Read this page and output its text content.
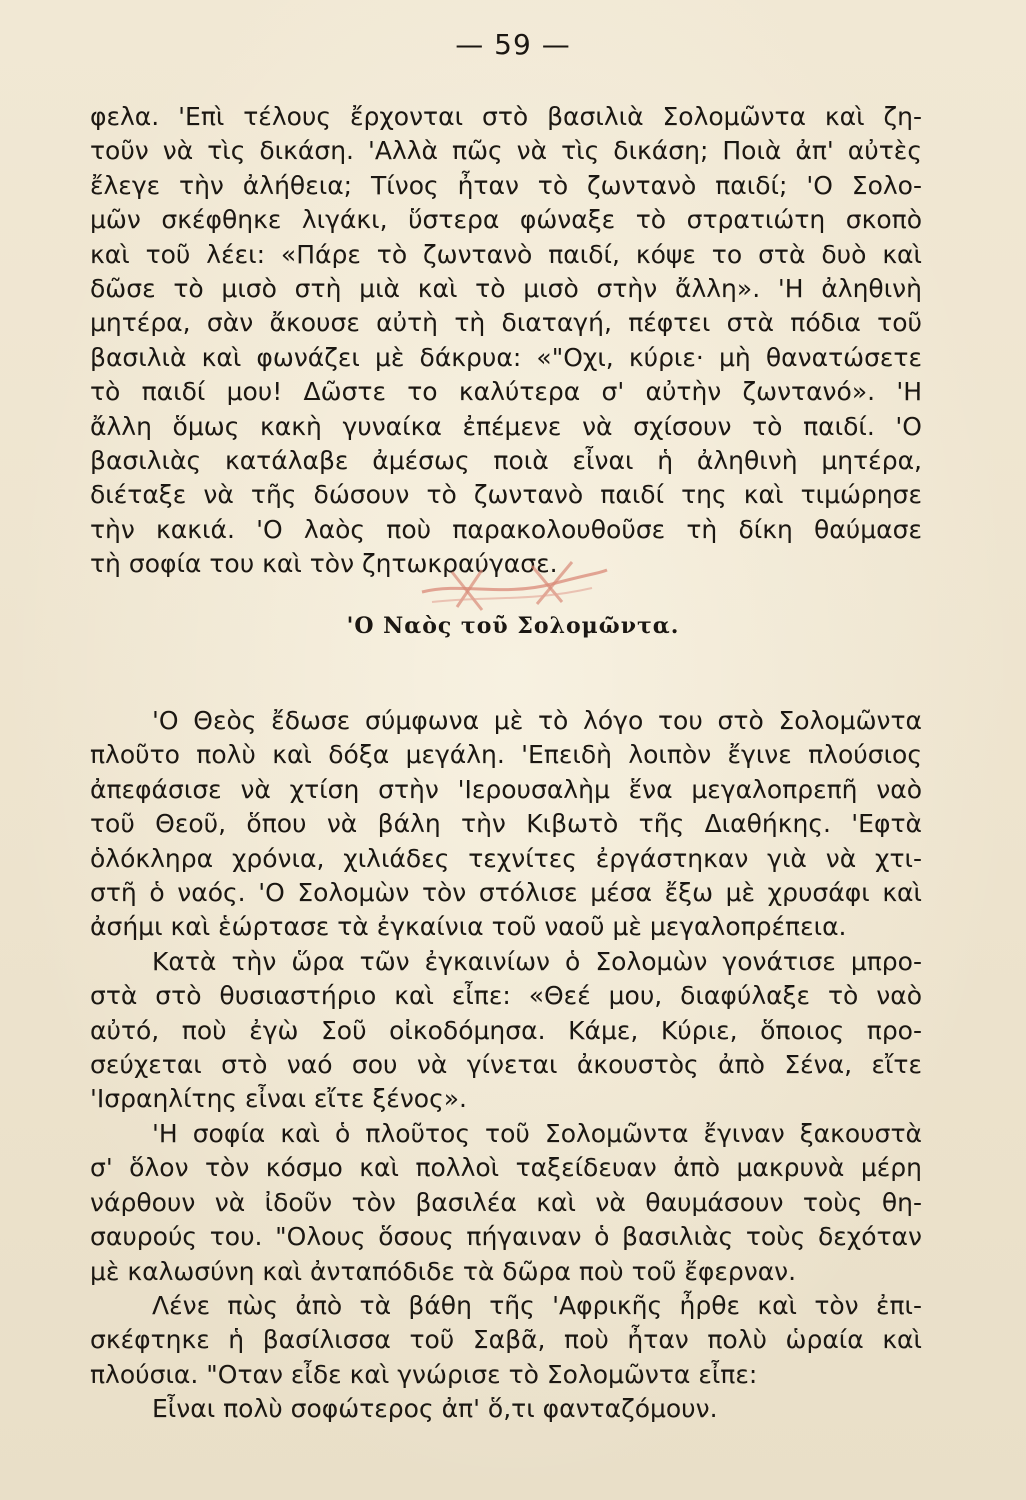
— 59 —
φελα. 'Επὶ τέλους ἔρχονται στὸ βασιλιὰ Σολομῶντα καὶ ζη-
τοῦν νὰ τὶς δικάση. 'Αλλὰ πῶς νὰ τὶς δικάση; Ποιὰ ἀπ' αὐτὲς
ἔλεγε τὴν ἀλήθεια; Τίνος ἦταν τὸ ζωντανὸ παιδί; 'Ο Σολο-
μῶν σκέφθηκε λιγάκι, ὕστερα φώναξε τὸ στρατιώτη σκοπὸ
καὶ τοῦ λέει: «Πάρε τὸ ζωντανὸ παιδί, κόψε το στὰ δυὸ καὶ
δῶσε τὸ μισὸ στὴ μιὰ καὶ τὸ μισὸ στὴν ἄλλη». 'Η ἀληθινὴ
μητέρα, σὰν ἄκουσε αὐτὴ τὴ διαταγή, πέφτει στὰ πόδια τοῦ
βασιλιὰ καὶ φωνάζει μὲ δάκρυα: «"Οχι, κύριε· μὴ θανατώσετε
τὸ παιδί μου! Δῶστε το καλύτερα σ' αὐτὴν ζωντανό». 'Η
ἄλλη ὅμως κακὴ γυναίκα ἐπέμενε νὰ σχίσουν τὸ παιδί. 'Ο
βασιλιὰς κατάλαβε ἀμέσως ποιὰ εἶναι ἡ ἀληθινὴ μητέρα,
διέταξε νὰ τῆς δώσουν τὸ ζωντανὸ παιδί της καὶ τιμώρησε
τὴν κακιά. 'Ο λαὸς ποὺ παρακολουθοῦσε τὴ δίκη θαύμασε
τὴ σοφία του καὶ τὸν ζητωκραύγασε.
'Ο Ναὸς τοῦ Σολομῶντα.
'Ο Θεὸς ἔδωσε σύμφωνα μὲ τὸ λόγο του στὸ Σολομῶντα
πλοῦτο πολὺ καὶ δόξα μεγάλη. 'Επειδὴ λοιπὸν ἔγινε πλούσιος
ἀπεφάσισε νὰ χτίση στὴν 'Ιερουσαλὴμ ἕνα μεγαλοπρεπῆ ναὸ
τοῦ Θεοῦ, ὅπου νὰ βάλη τὴν Κιβωτὸ τῆς Διαθήκης. 'Εφτὰ
ὁλόκληρα χρόνια, χιλιάδες τεχνίτες ἐργάστηκαν γιὰ νὰ χτι-
στῆ ὁ ναός. 'Ο Σολομὼν τὸν στόλισε μέσα ἔξω μὲ χρυσάφι καὶ
ἀσήμι καὶ ἑώρτασε τὰ ἐγκαίνια τοῦ ναοῦ μὲ μεγαλοπρέπεια.
Κατὰ τὴν ὥρα τῶν ἐγκαινίων ὁ Σολομὼν γονάτισε μπρο-
στὰ στὸ θυσιαστήριο καὶ εἶπε: «Θεέ μου, διαφύλαξε τὸ ναὸ
αὐτό, ποὺ ἐγὼ Σοῦ οἰκοδόμησα. Κάμε, Κύριε, ὅποιος προ-
σεύχεται στὸ ναό σου νὰ γίνεται ἀκουστὸς ἀπὸ Σένα, εἴτε
'Ισραηλίτης εἶναι εἴτε ξένος».
'Η σοφία καὶ ὁ πλοῦτος τοῦ Σολομῶντα ἔγιναν ξακουστὰ
σ' ὅλον τὸν κόσμο καὶ πολλοὶ ταξείδευαν ἀπὸ μακρυνὰ μέρη
νάρθουν νὰ ἰδοῦν τὸν βασιλέα καὶ νὰ θαυμάσουν τοὺς θη-
σαυρούς του. "Ολους ὅσους πήγαιναν ὁ βασιλιὰς τοὺς δεχόταν
μὲ καλωσύνη καὶ ἀνταπόδιδε τὰ δῶρα ποὺ τοῦ ἔφερναν.
Λένε πὼς ἀπὸ τὰ βάθη τῆς 'Αφρικῆς ἦρθε καὶ τὸν ἐπι-
σκέφτηκε ἡ βασίλισσα τοῦ Σαβᾶ, ποὺ ἦταν πολὺ ὡραία καὶ
πλούσια. "Οταν εἶδε καὶ γνώρισε τὸ Σολομῶντα εἶπε:
Εἶναι πολὺ σοφώτερος ἀπ' ὅ,τι φανταζόμουν.
